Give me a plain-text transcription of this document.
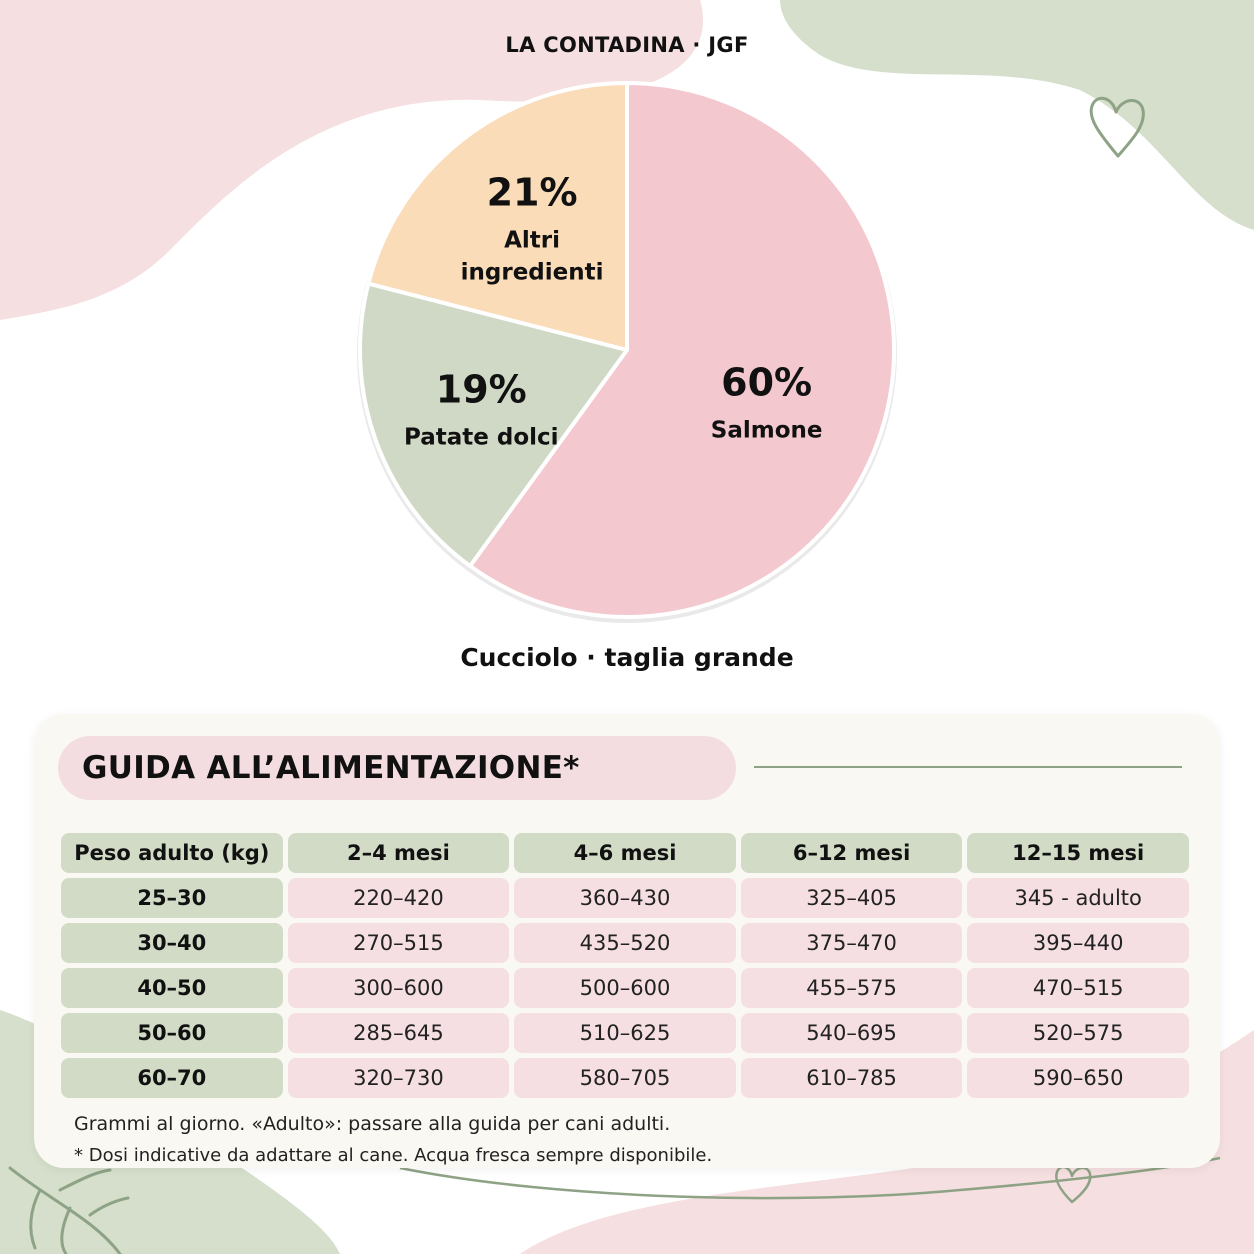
LA CONTADINA · JGF
60%
Salmone
19%
Patate dolci
21%
Altri
ingredienti
Cucciolo · taglia grande
GUIDA ALL’ALIMENTAZIONE*
Peso adulto (kg)	2–4 mesi	4–6 mesi	6–12 mesi	12–15 mesi
25–30	220–420	360–430	325–405	345 - adulto
30–40	270–515	435–520	375–470	395–440
40–50	300–600	500–600	455–575	470–515
50–60	285–645	510–625	540–695	520–575
60–70	320–730	580–705	610–785	590–650
Grammi al giorno. «Adulto»: passare alla guida per cani adulti.
* Dosi indicative da adattare al cane. Acqua fresca sempre disponibile.
